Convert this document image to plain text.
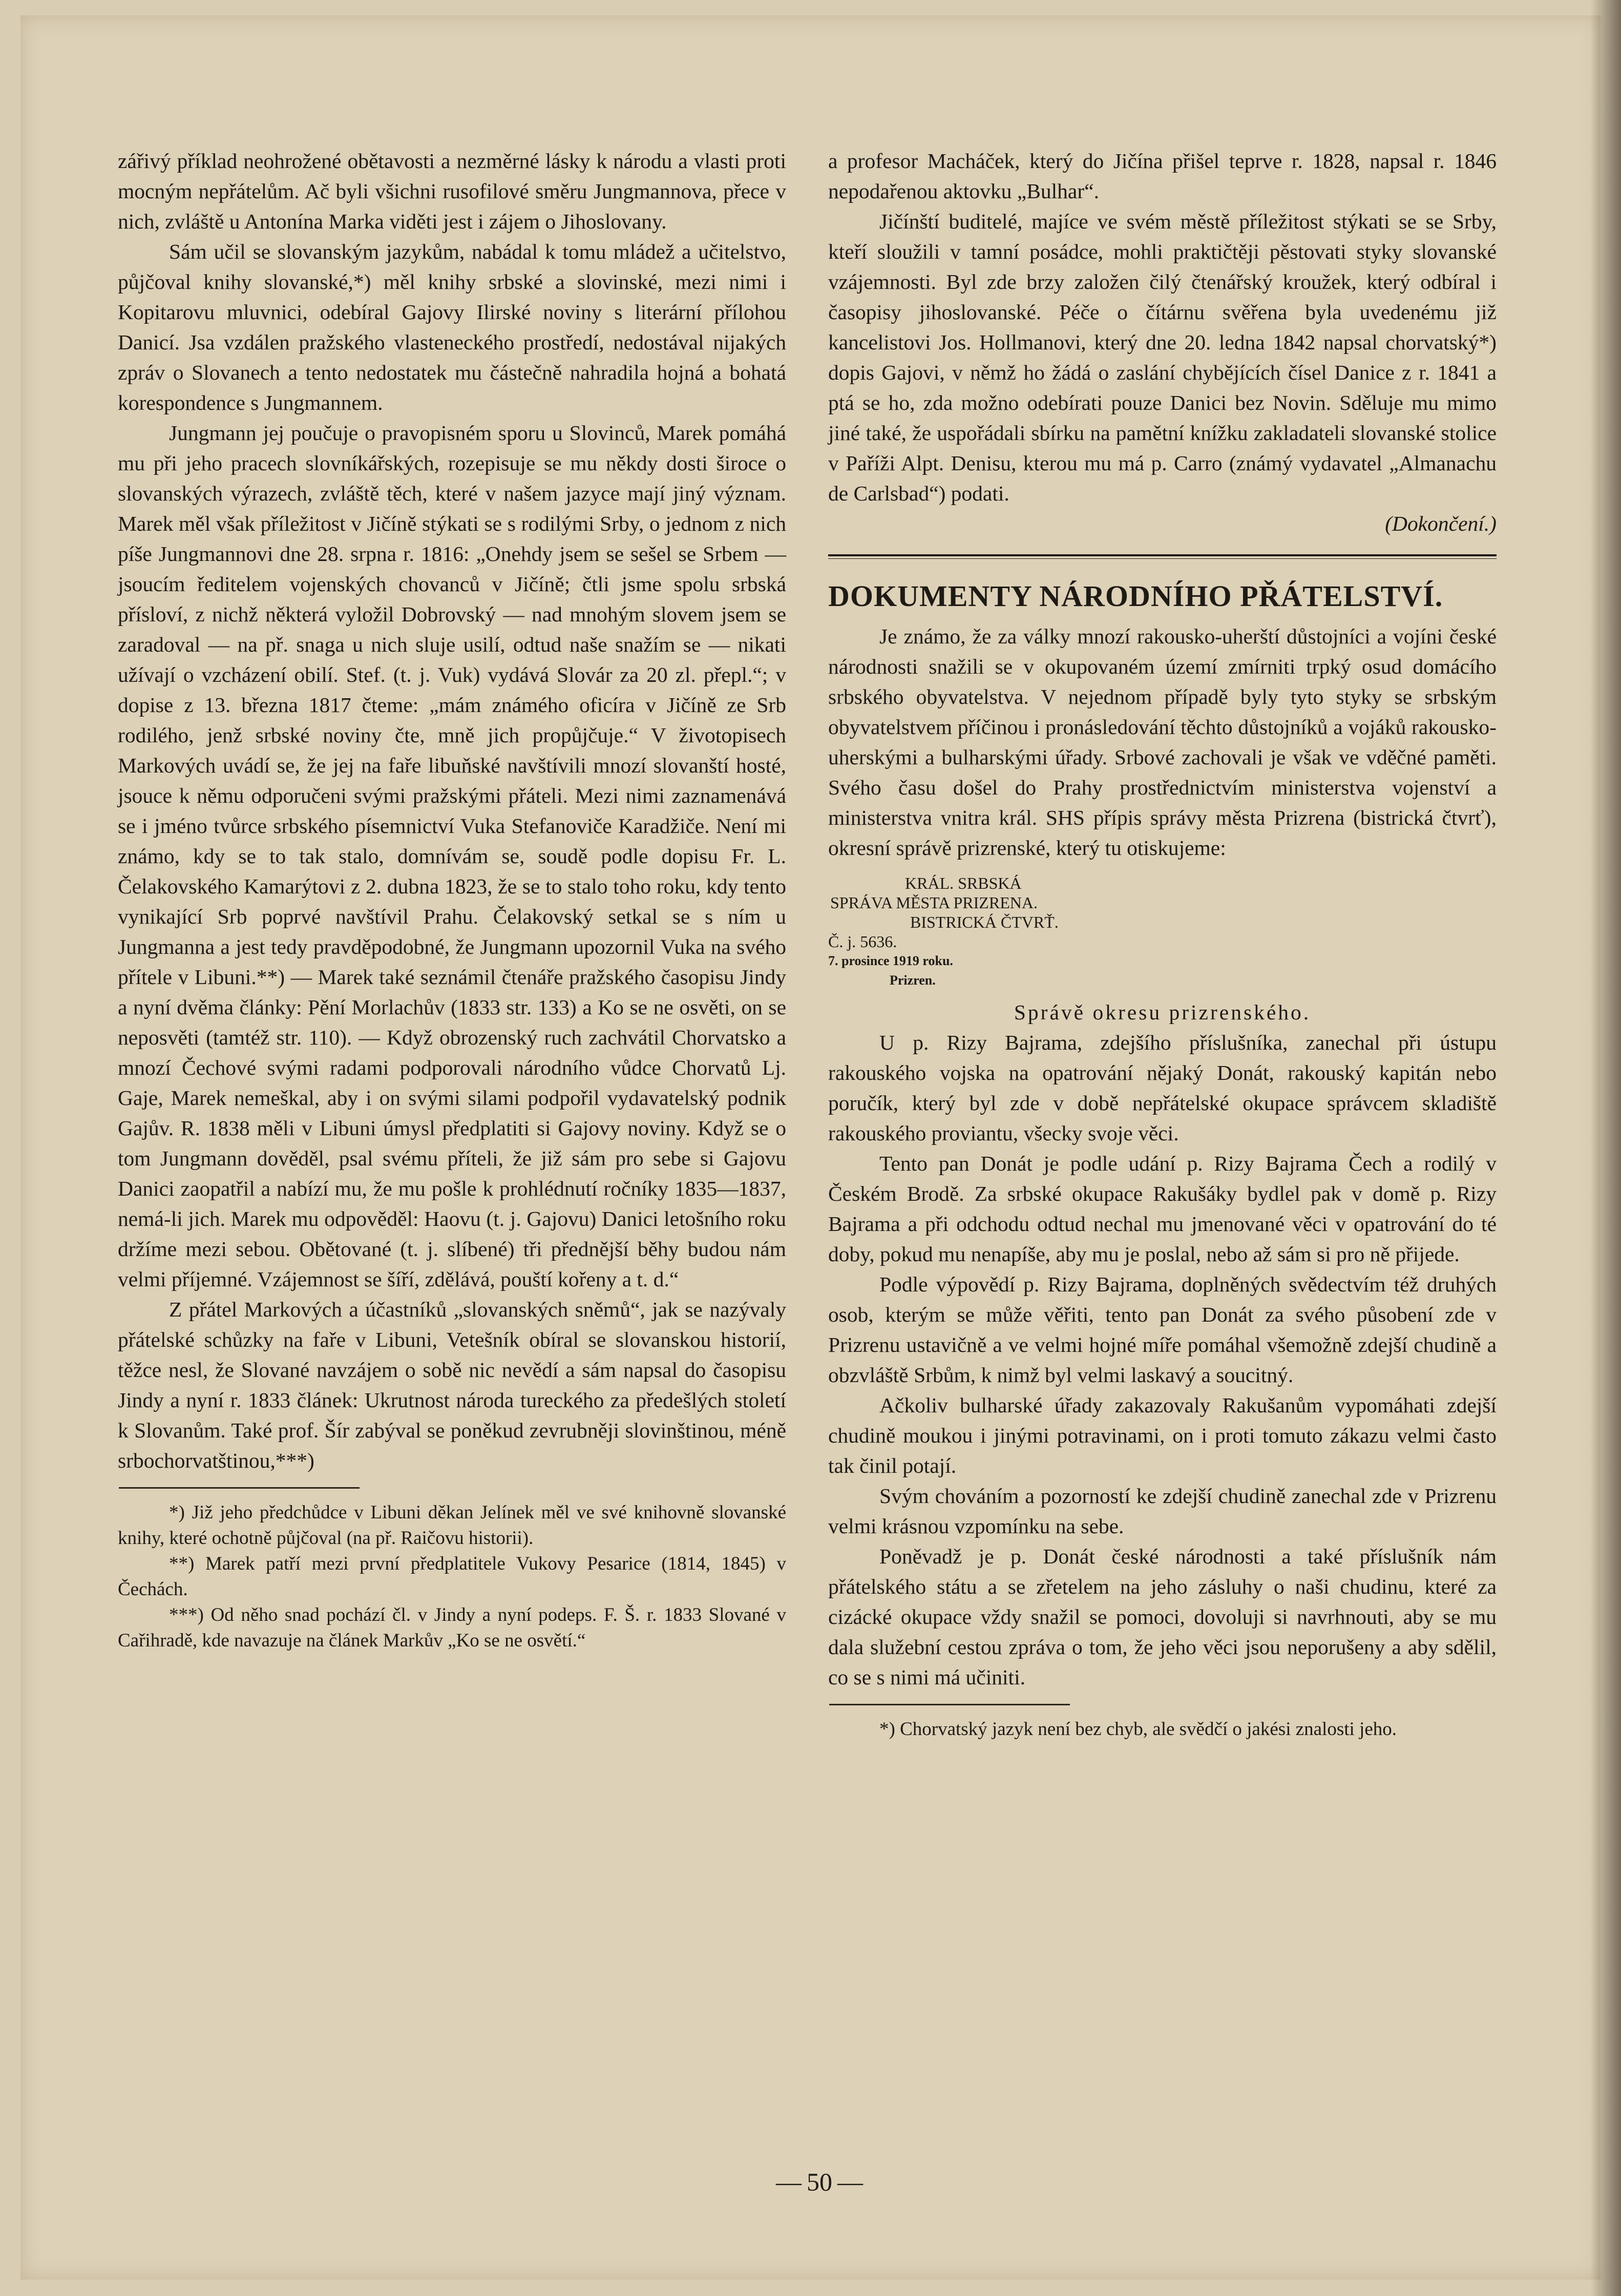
zářivý příklad neohrožené obětavosti a nezměrné lásky k národu a vlasti proti mocným nepřátelům. Ač byli všichni rusofilové směru Jungmannova, přece v nich, zvláště u Antonína Marka viděti jest i zájem o Jihoslovany.

Sám učil se slovanským jazykům, nabádal k tomu mládež a učitelstvo, půjčoval knihy slovanské,*) měl knihy srbské a slovinské, mezi nimi i Kopitarovu mluvnici, odebíral Gajovy Ilirské noviny s literární přílohou Danicí. Jsa vzdálen pražského vlasteneckého prostředí, nedostával nijakých zpráv o Slovanech a tento nedostatek mu částečně nahradila hojná a bohatá korespondence s Jungmannem.

Jungmann jej poučuje o pravopisném sporu u Slovinců, Marek pomáhá mu při jeho pracech slovníkářských, rozepisuje se mu někdy dosti široce o slovanských výrazech, zvláště těch, které v našem jazyce mají jiný význam. Marek měl však příležitost v Jičíně stýkati se s rodilými Srby, o jednom z nich píše Jungmannovi dne 28. srpna r. 1816: „Onehdy jsem se sešel se Srbem — jsoucím ředitelem vojenských chovanců v Jičíně; čtli jsme spolu srbská přísloví, z nichž některá vyložil Dobrovský — nad mnohým slovem jsem se zaradoval — na př. snaga u nich sluje usilí, odtud naše snažím se — nikati užívají o vzcházení obilí. Stef. (t. j. Vuk) vydává Slovár za 20 zl. přepl.“; v dopise z 13. března 1817 čteme: „mám známého oficíra v Jičíně ze Srb rodilého, jenž srbské noviny čte, mně jich propůjčuje.“ V životopisech Markových uvádí se, že jej na faře libuňské navštívili mnozí slovanští hosté, jsouce k němu odporučeni svými pražskými přáteli. Mezi nimi zaznamenává se i jméno tvůrce srbského písemnictví Vuka Stefanoviče Karadžiče. Není mi známo, kdy se to tak stalo, domnívám se, soudě podle dopisu Fr. L. Čelakovského Kamarýtovi z 2. dubna 1823, že se to stalo toho roku, kdy tento vynikající Srb poprvé navštívil Prahu. Čelakovský setkal se s ním u Jungmanna a jest tedy pravděpodobné, že Jungmann upozornil Vuka na svého přítele v Libuni.**) — Marek také seznámil čtenáře pražského časopisu Jindy a nyní dvěma články: Pění Morlachův (1833 str. 133) a Ko se ne osvěti, on se neposvěti (tamtéž str. 110). — Když obrozenský ruch zachvátil Chorvatsko a mnozí Čechové svými radami podporovali národního vůdce Chorvatů Lj. Gaje, Marek nemeškal, aby i on svými silami podpořil vydavatelský podnik Gajův. R. 1838 měli v Libuni úmysl předplatiti si Gajovy noviny. Když se o tom Jungmann dověděl, psal svému příteli, že již sám pro sebe si Gajovu Danici zaopatřil a nabízí mu, že mu pošle k prohlédnutí ročníky 1835—1837, nemá-li jich. Marek mu odpověděl: Haovu (t. j. Gajovu) Danici letošního roku držíme mezi sebou. Obětované (t. j. slíbené) tři přednější běhy budou nám velmi příjemné. Vzájemnost se šíří, zdělává, pouští kořeny a t. d.“

Z přátel Markových a účastníků „slovanských sněmů“, jak se nazývaly přátelské schůzky na faře v Libuni, Vetešník obíral se slovanskou historií, těžce nesl, že Slované navzájem o sobě nic nevědí a sám napsal do časopisu Jindy a nyní r. 1833 článek: Ukrutnost národa tureckého za předešlých století k Slovanům. Také prof. Šír zabýval se poněkud zevrubněji slovinštinou, méně srbochorvatštinou,***)

*) Již jeho předchůdce v Libuni děkan Jelínek měl ve své knihovně slovanské knihy, které ochotně půjčoval (na př. Raičovu historii).

**) Marek patří mezi první předplatitele Vukovy Pesarice (1814, 1845) v Čechách.

***) Od něho snad pochází čl. v Jindy a nyní podeps. F. Š. r. 1833 Slované v Cařihradě, kde navazuje na článek Markův „Ko se ne osvětí.“

a profesor Macháček, který do Jičína přišel teprve r. 1828, napsal r. 1846 nepodařenou aktovku „Bulhar“.

Jičínští buditelé, majíce ve svém městě příležitost stýkati se se Srby, kteří sloužili v tamní posádce, mohli praktičtěji pěstovati styky slovanské vzájemnosti. Byl zde brzy založen čilý čtenářský kroužek, který odbíral i časopisy jihoslovanské. Péče o čítárnu svěřena byla uvedenému již kancelistovi Jos. Hollmanovi, který dne 20. ledna 1842 napsal chorvatský*) dopis Gajovi, v němž ho žádá o zaslání chybějících čísel Danice z r. 1841 a ptá se ho, zda možno odebírati pouze Danici bez Novin. Sděluje mu mimo jiné také, že uspořádali sbírku na pamětní knížku zakladateli slovanské stolice v Paříži Alpt. Denisu, kterou mu má p. Carro (známý vydavatel „Almanachu de Carlsbad“) podati.

(Dokončení.)

DOKUMENTY NÁRODNÍHO PŘÁTELSTVÍ.

Je známo, že za války mnozí rakousko-uherští důstojníci a vojíni české národnosti snažili se v okupovaném území zmírniti trpký osud domácího srbského obyvatelstva. V nejednom případě byly tyto styky se srbským obyvatelstvem příčinou i pronásledování těchto důstojníků a vojáků rakousko-uherskými a bulharskými úřady. Srbové zachovali je však ve vděčné paměti. Svého času došel do Prahy prostřednictvím ministerstva vojenství a ministerstva vnitra král. SHS přípis správy města Prizrena (bistrická čtvrť), okresní správě prizrenské, který tu otiskujeme:

KRÁL. SRBSKÁ
SPRÁVA MĚSTA PRIZRENA.
BISTRICKÁ ČTVRŤ.
Č. j. 5636.
7. prosince 1919 roku.
Prizren.

Správě okresu prizrenského.

U p. Rizy Bajrama, zdejšího příslušníka, zanechal při ústupu rakouského vojska na opatrování nějaký Donát, rakouský kapitán nebo poručík, který byl zde v době nepřátelské okupace správcem skladiště rakouského proviantu, všecky svoje věci.

Tento pan Donát je podle udání p. Rizy Bajrama Čech a rodilý v Českém Brodě. Za srbské okupace Rakušáky bydlel pak v domě p. Rizy Bajrama a při odchodu odtud nechal mu jmenované věci v opatrování do té doby, pokud mu nenapíše, aby mu je poslal, nebo až sám si pro ně přijede.

Podle výpovědí p. Rizy Bajrama, doplněných svědectvím též druhých osob, kterým se může věřiti, tento pan Donát za svého působení zde v Prizrenu ustavičně a ve velmi hojné míře pomáhal všemožně zdejší chudině a obzvláště Srbům, k nimž byl velmi laskavý a soucitný.

Ačkoliv bulharské úřady zakazovaly Rakušanům vypomáhati zdejší chudině moukou i jinými potravinami, on i proti tomuto zákazu velmi často tak činil potají.

Svým chováním a pozorností ke zdejší chudině zanechal zde v Prizrenu velmi krásnou vzpomínku na sebe.

Poněvadž je p. Donát české národnosti a také příslušník nám přátelského státu a se zřetelem na jeho zásluhy o naši chudinu, které za cizácké okupace vždy snažil se pomoci, dovoluji si navrhnouti, aby se mu dala služební cestou zpráva o tom, že jeho věci jsou neporušeny a aby sdělil, co se s nimi má učiniti.

*) Chorvatský jazyk není bez chyb, ale svědčí o jakési znalosti jeho.

— 50 —
